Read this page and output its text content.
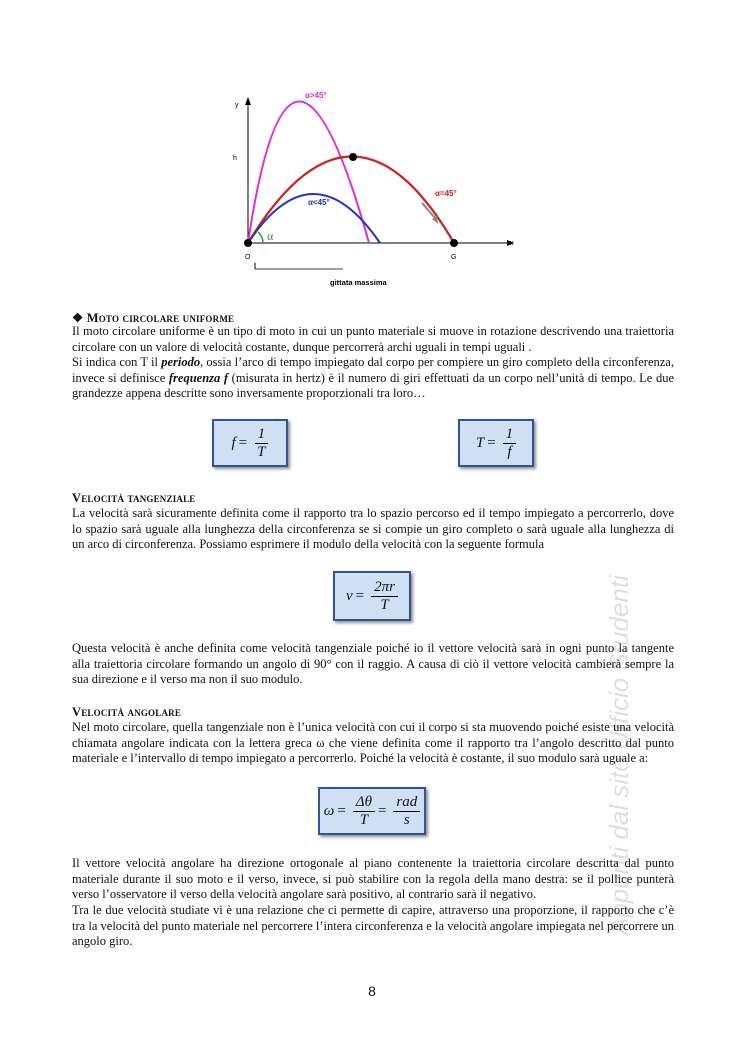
α>45°
α=45°
α<45°
α
y
x
h
O	G
gittata massima
❖ Moto circolare uniforme
Il moto circolare uniforme è un tipo di moto in cui un punto materiale si muove in rotazione descrivendo una traiettoria circolare con un valore di velocità costante, dunque percorrerà archi uguali in tempi uguali .
Si indica con T il periodo, ossia l’arco di tempo impiegato dal corpo per compiere un giro completo della circonferenza, invece si definisce frequenza f (misurata in hertz) è il numero di giri effettuati da un corpo nell’unità di tempo. Le due grandezze appena descritte sono inversamente proporzionali tra loro…
$f = \frac{1}{T}$	$T = \frac{1}{f}$
Velocità tangenziale
La velocità sarà sicuramente definita come il rapporto tra lo spazio percorso ed il tempo impiegato a percorrerlo, dove lo spazio sarà uguale alla lunghezza della circonferenza se si compie un giro completo o sarà uguale alla lunghezza di un arco di circonferenza. Possiamo esprimere il modulo della velocità con la seguente formula
$v = \frac{2\pi r}{T}$
Questa velocità è anche definita come velocità tangenziale poiché io il vettore velocità sarà in ogni punto la tangente alla traiettoria circolare formando un angolo di 90° con il raggio. A causa di ciò il vettore velocità cambierà sempre la sua direzione e il verso ma non il suo modulo.
Velocità angolare
Nel moto circolare, quella tangenziale non è l’unica velocità con cui il corpo si sta muovendo poiché esiste una velocità chiamata angolare indicata con la lettera greca ω che viene definita come il rapporto tra l’angolo descritto dal punto materiale e l’intervallo di tempo impiegato a percorrerlo. Poiché la velocità è costante, il suo modulo sarà uguale a:
$\omega = \frac{\Delta\theta}{T} = \frac{\text{rad}}{s}$
Il vettore velocità angolare ha direzione ortogonale al piano contenente la traiettoria circolare descritta dal punto materiale durante il suo moto e il verso, invece, si può stabilire con la regola della mano destra: se il pollice punterà verso l’osservatore il verso della velocità angolare sarà positivo, al contrario sarà il negativo.
Tra le due velocità studiate vi è una relazione che ci permette di capire, attraverso una proporzione, il rapporto che c’è tra la velocità del punto materiale nel percorrere l’intera circonferenza e la velocità angolare impiegata nel percorrere un angolo giro.
Appunti dal sito Ufficio Studenti
8
